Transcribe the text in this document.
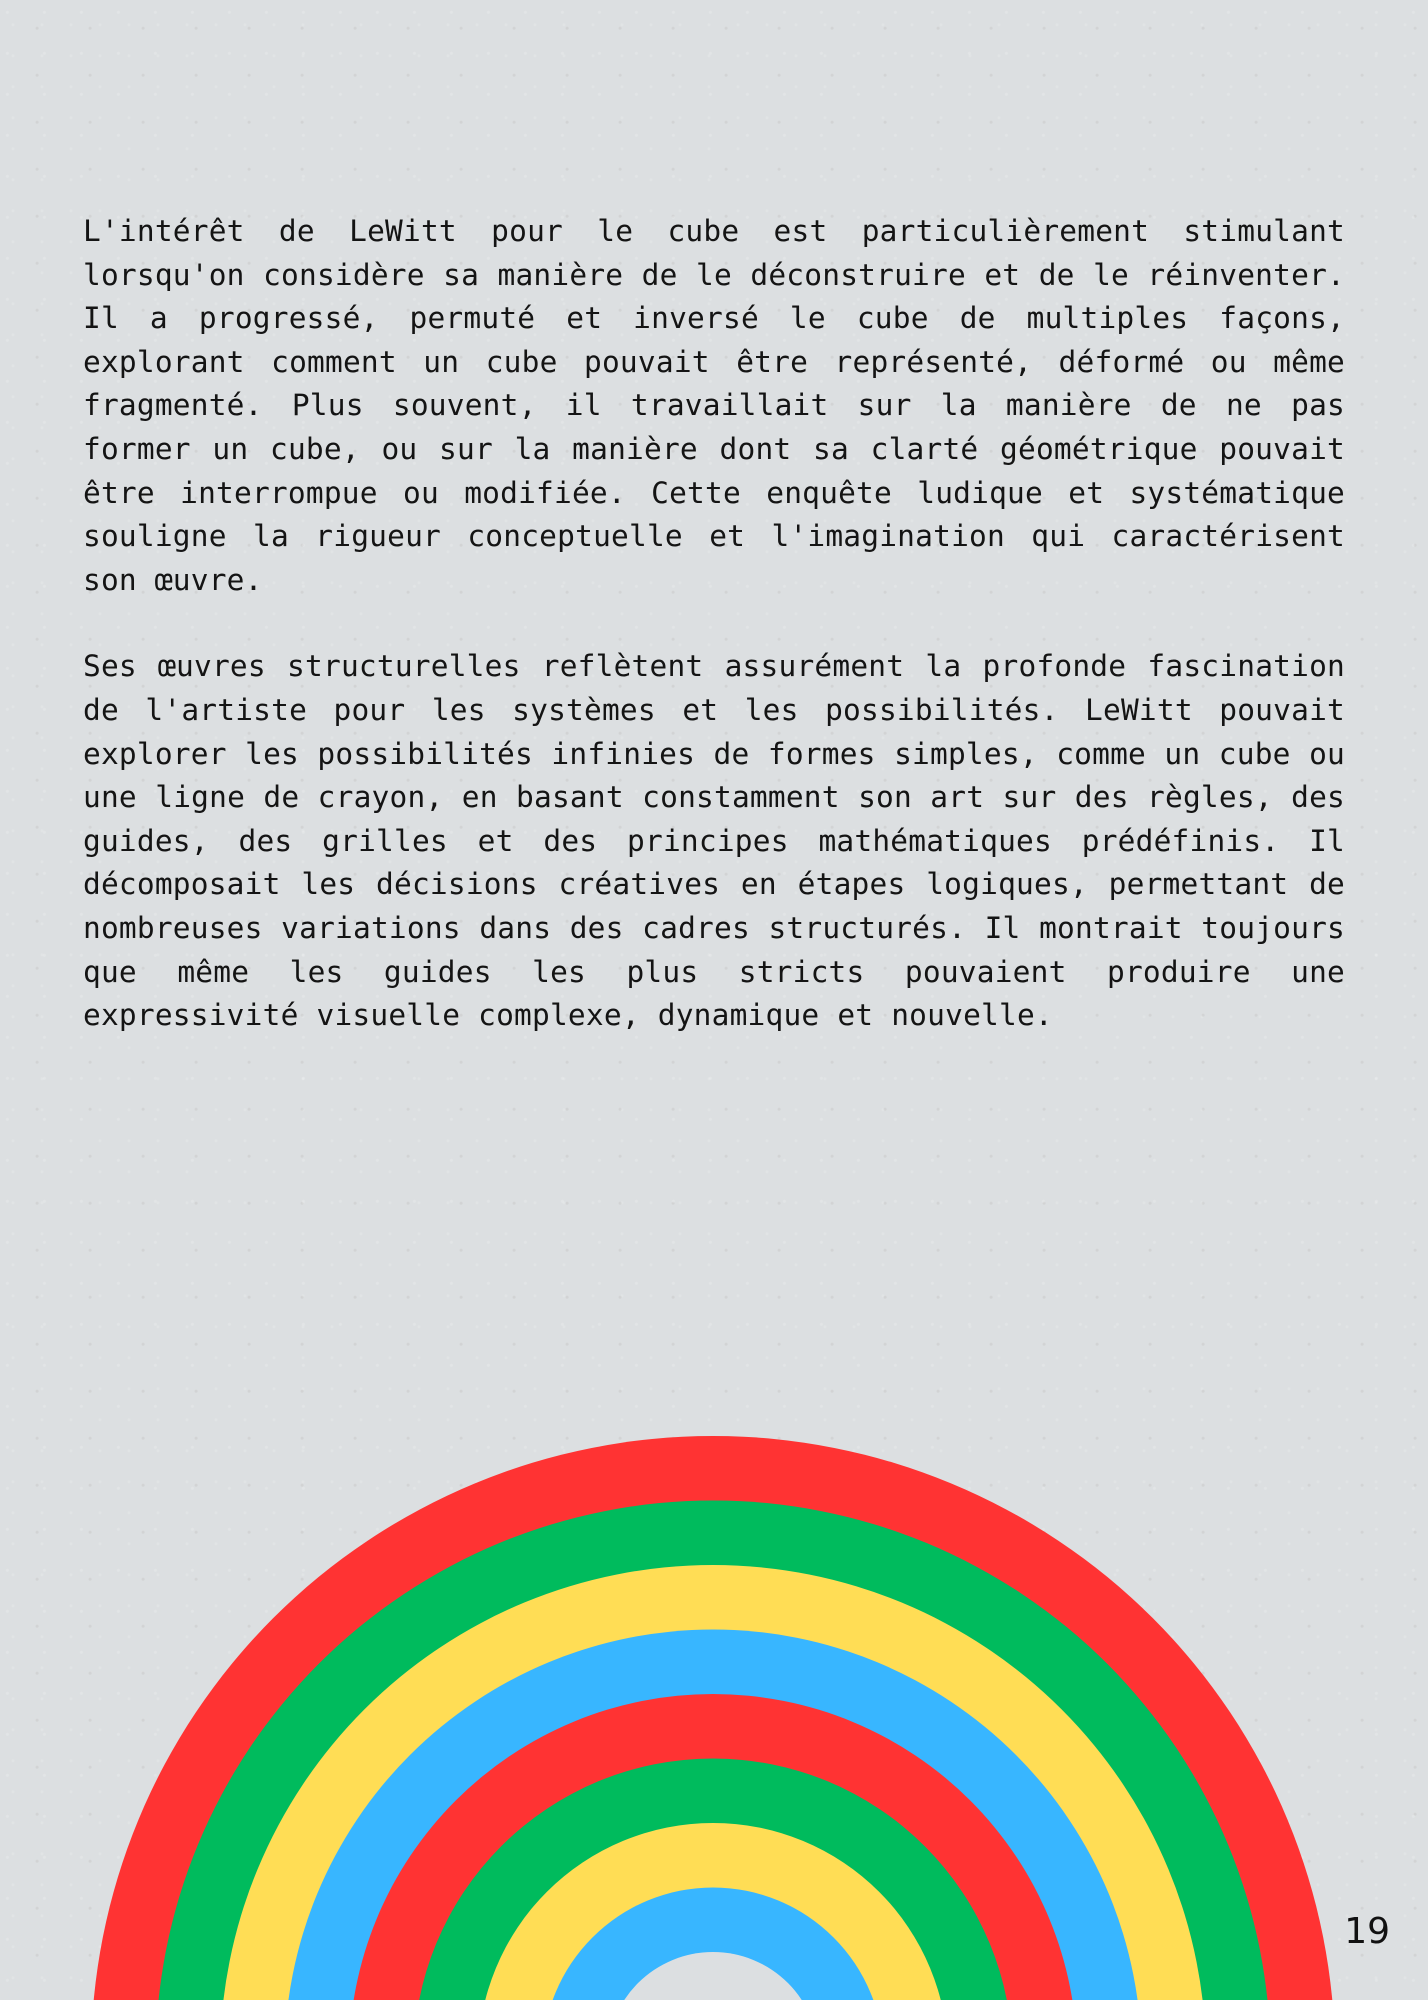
L'intérêt de LeWitt pour le cube est particulièrement stimulant lorsqu'on considère sa manière de le déconstruire et de le réinventer. Il a progressé, permuté et inversé le cube de multiples façons, explorant comment un cube pouvait être représenté, déformé ou même fragmenté. Plus souvent, il travaillait sur la manière de ne pas former un cube, ou sur la manière dont sa clarté géométrique pouvait être interrompue ou modifiée. Cette enquête ludique et systématique souligne la rigueur conceptuelle et l'imagination qui caractérisent son œuvre.

Ses œuvres structurelles reflètent assurément la profonde fascination de l'artiste pour les systèmes et les possibilités. LeWitt pouvait explorer les possibilités infinies de formes simples, comme un cube ou une ligne de crayon, en basant constamment son art sur des règles, des guides, des grilles et des principes mathématiques prédéfinis. Il décomposait les décisions créatives en étapes logiques, permettant de nombreuses variations dans des cadres structurés. Il montrait toujours que même les guides les plus stricts pouvaient produire une expressivité visuelle complexe, dynamique et nouvelle.

19
